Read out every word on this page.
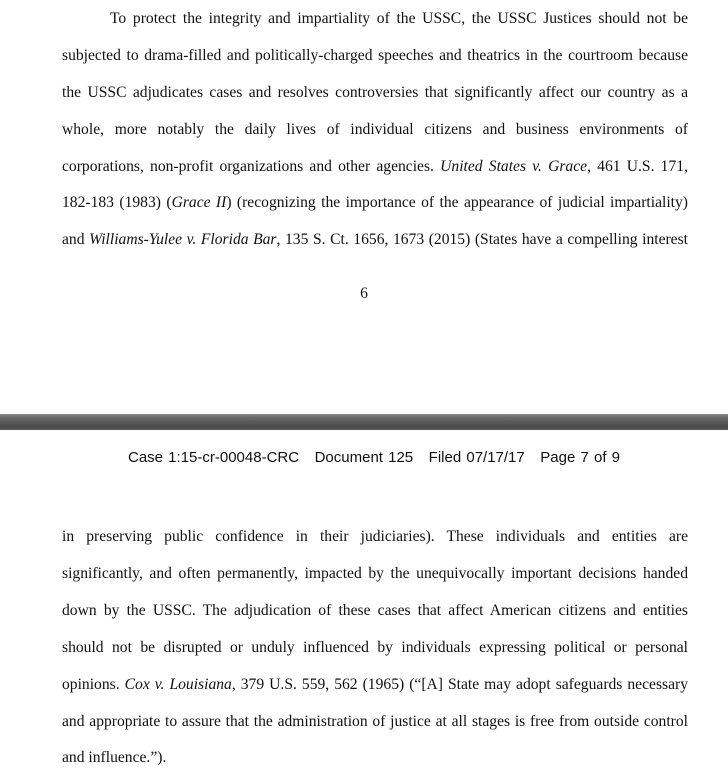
To protect the integrity and impartiality of the USSC, the USSC Justices should not be
subjected to drama-filled and politically-charged speeches and theatrics in the courtroom because
the USSC adjudicates cases and resolves controversies that significantly affect our country as a
whole, more notably the daily lives of individual citizens and business environments of
corporations, non-profit organizations and other agencies. United States v. Grace, 461 U.S. 171,
182-183 (1983) (Grace II) (recognizing the importance of the appearance of judicial impartiality)
and Williams-Yulee v. Florida Bar, 135 S. Ct. 1656, 1673 (2015) (States have a compelling interest
6
Case 1:15-cr-00048-CRC Document 125 Filed 07/17/17 Page 7 of 9
in preserving public confidence in their judiciaries). These individuals and entities are
significantly, and often permanently, impacted by the unequivocally important decisions handed
down by the USSC. The adjudication of these cases that affect American citizens and entities
should not be disrupted or unduly influenced by individuals expressing political or personal
opinions. Cox v. Louisiana, 379 U.S. 559, 562 (1965) (“[A] State may adopt safeguards necessary
and appropriate to assure that the administration of justice at all stages is free from outside control
and influence.”).
